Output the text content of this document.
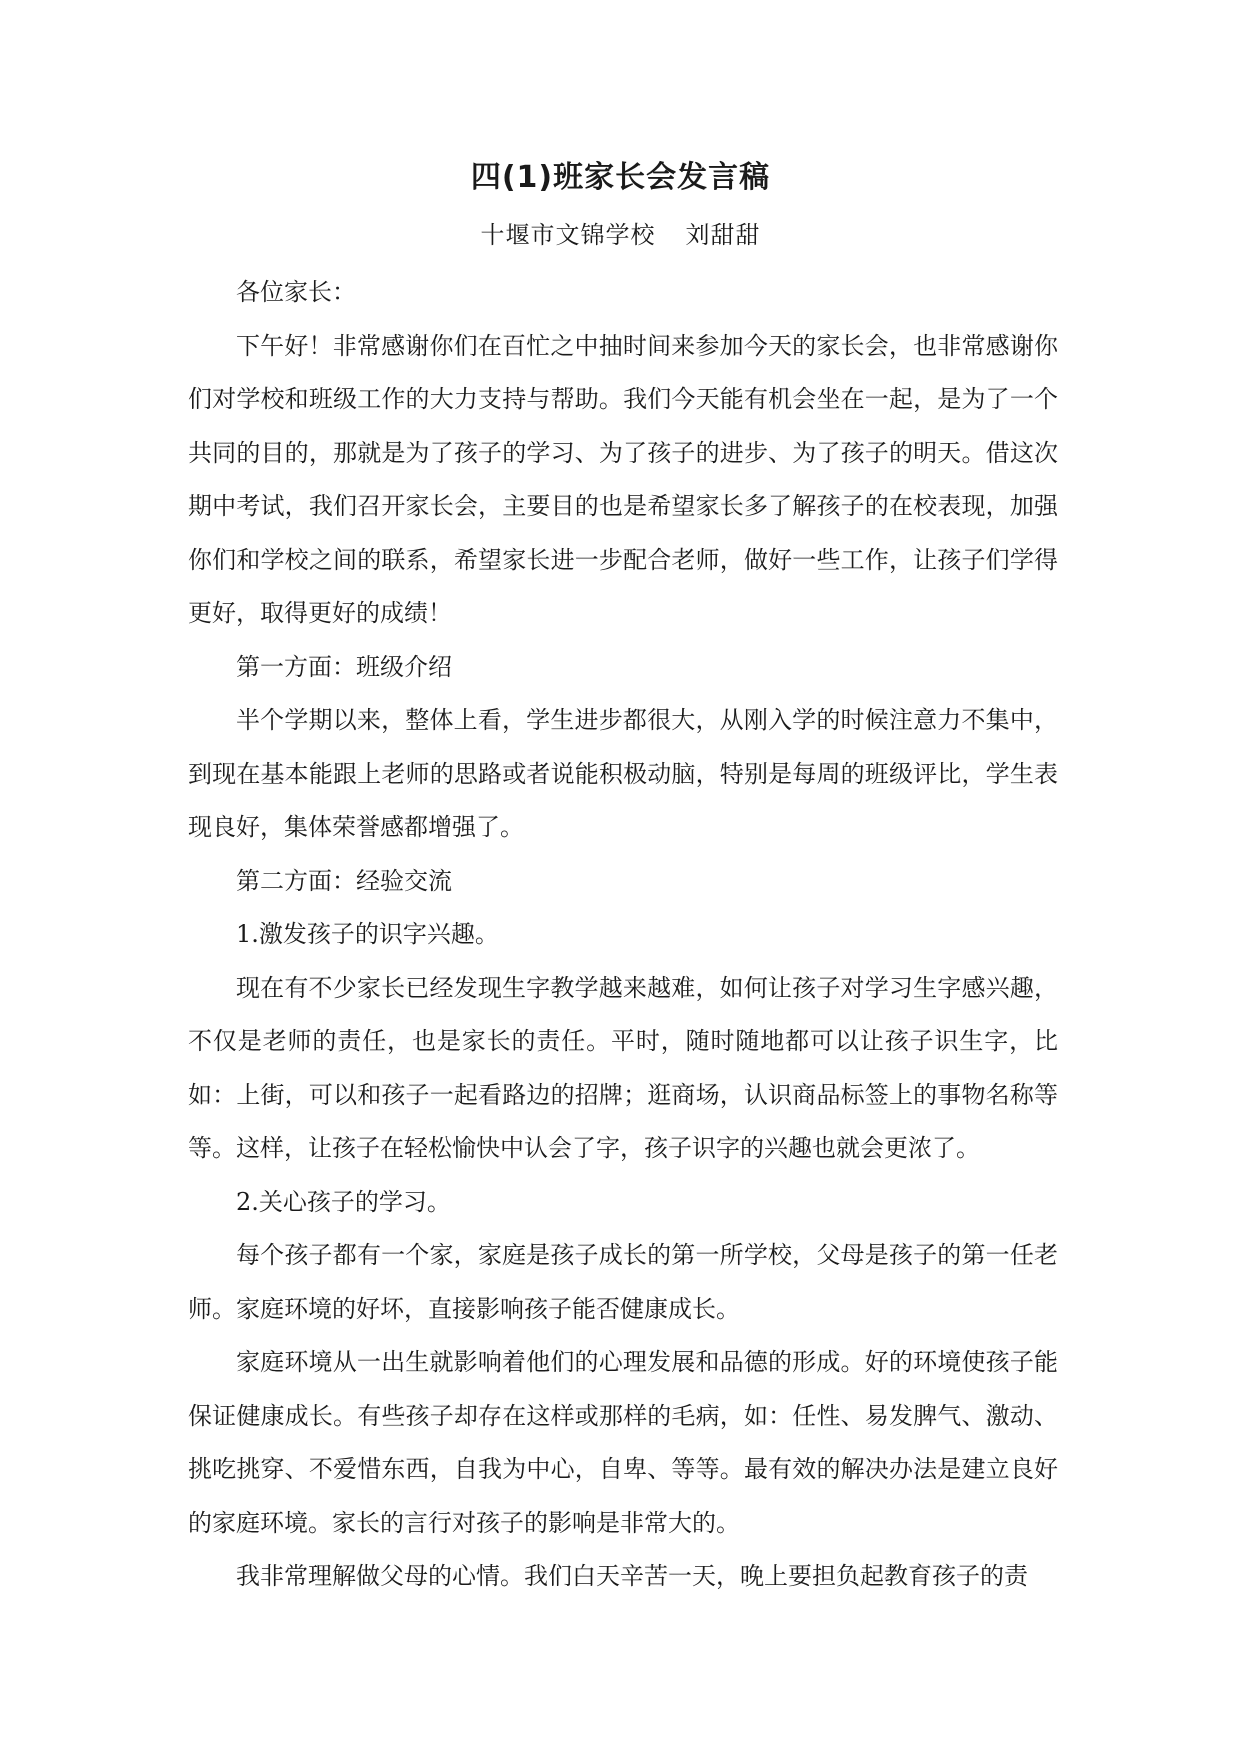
四(1)班家长会发言稿
十堰市文锦学校 刘甜甜

各位家长：

下午好！非常感谢你们在百忙之中抽时间来参加今天的家长会，也非常感谢你们对学校和班级工作的大力支持与帮助。我们今天能有机会坐在一起，是为了一个共同的目的，那就是为了孩子的学习、为了孩子的进步、为了孩子的明天。借这次期中考试，我们召开家长会，主要目的也是希望家长多了解孩子的在校表现，加强你们和学校之间的联系，希望家长进一步配合老师，做好一些工作，让孩子们学得更好，取得更好的成绩！

第一方面：班级介绍

半个学期以来，整体上看，学生进步都很大，从刚入学的时候注意力不集中，到现在基本能跟上老师的思路或者说能积极动脑，特别是每周的班级评比，学生表现良好，集体荣誉感都增强了。

第二方面：经验交流

1.激发孩子的识字兴趣。

现在有不少家长已经发现生字教学越来越难，如何让孩子对学习生字感兴趣，不仅是老师的责任，也是家长的责任。平时，随时随地都可以让孩子识生字，比如：上街，可以和孩子一起看路边的招牌；逛商场，认识商品标签上的事物名称等等。这样，让孩子在轻松愉快中认会了字，孩子识字的兴趣也就会更浓了。

2.关心孩子的学习。

每个孩子都有一个家，家庭是孩子成长的第一所学校，父母是孩子的第一任老师。家庭环境的好坏，直接影响孩子能否健康成长。

家庭环境从一出生就影响着他们的心理发展和品德的形成。好的环境使孩子能保证健康成长。有些孩子却存在这样或那样的毛病，如：任性、易发脾气、激动、挑吃挑穿、不爱惜东西，自我为中心，自卑、等等。最有效的解决办法是建立良好的家庭环境。家长的言行对孩子的影响是非常大的。

我非常理解做父母的心情。我们白天辛苦一天，晚上要担负起教育孩子的责
